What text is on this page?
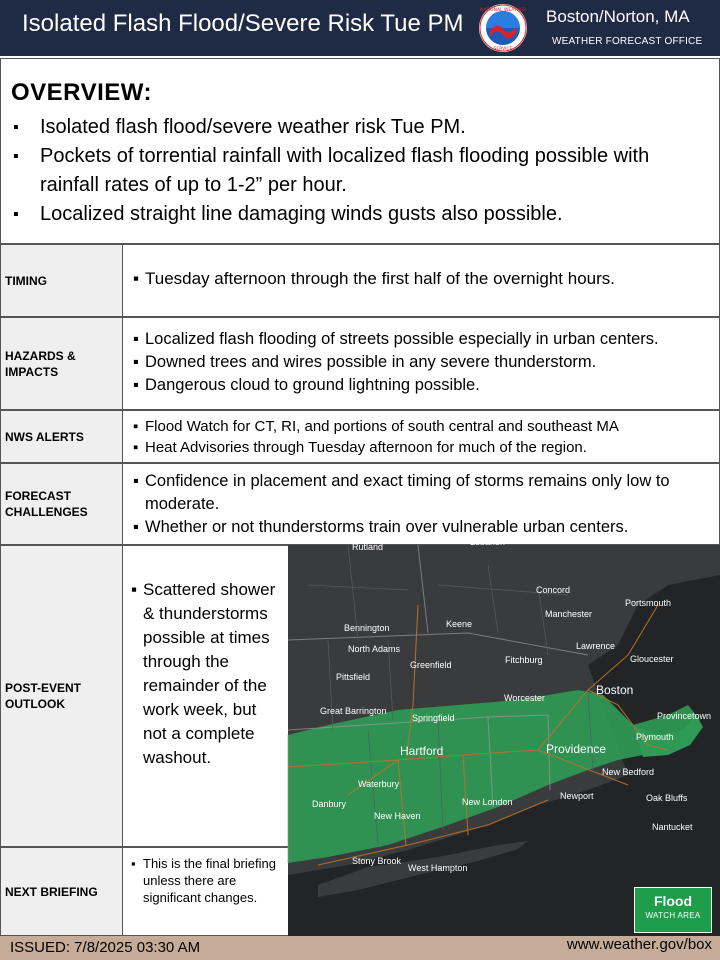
Isolated Flash Flood/Severe Risk Tue PM	NATIONAL WEATHER
SERVICE
Boston/Norton, MA
WEATHER FORECAST OFFICE
OVERVIEW:
▪ Isolated flash flood/severe weather risk Tue PM.
▪ Pockets of torrential rainfall with localized flash flooding possible with rainfall rates of up to 1-2” per hour.
▪ Localized straight line damaging winds gusts also possible.
TIMING	▪ Tuesday afternoon through the first half of the overnight hours.
HAZARDS & IMPACTS
▪ Localized flash flooding of streets possible especially in urban centers.
▪ Downed trees and wires possible in any severe thunderstorm.
▪ Dangerous cloud to ground lightning possible.
NWS ALERTS
▪ Flood Watch for CT, RI, and portions of south central and southeast MA
▪ Heat Advisories through Tuesday afternoon for much of the region.
FORECAST CHALLENGES
▪ Confidence in placement and exact timing of storms remains only low to moderate.
▪ Whether or not thunderstorms train over vulnerable urban centers.
POST-EVENT OUTLOOK
▪ Scattered shower & thunderstorms possible at times through the remainder of the work week, but not a complete washout.
NEXT BRIEFING
▪ This is the final briefing unless there are significant changes.
Rutland	Lebanon
Concord
Portsmouth
Manchester
Bennington	Keene
North Adams	Lawrence
Gloucester
Greenfield	Fitchburg
Pittsfield
Boston
Great Barrington
Springfield
Worcester
Provincetown
Plymouth
Hartford	Providence
Waterbury
New Bedford
Newport
Danbury
Oak Bluffs
New London
New Haven
Nantucket
Stony Brook
West Hampton
Flood
WATCH AREA
ISSUED: 7/8/2025 03:30 AM	www.weather.gov/box
